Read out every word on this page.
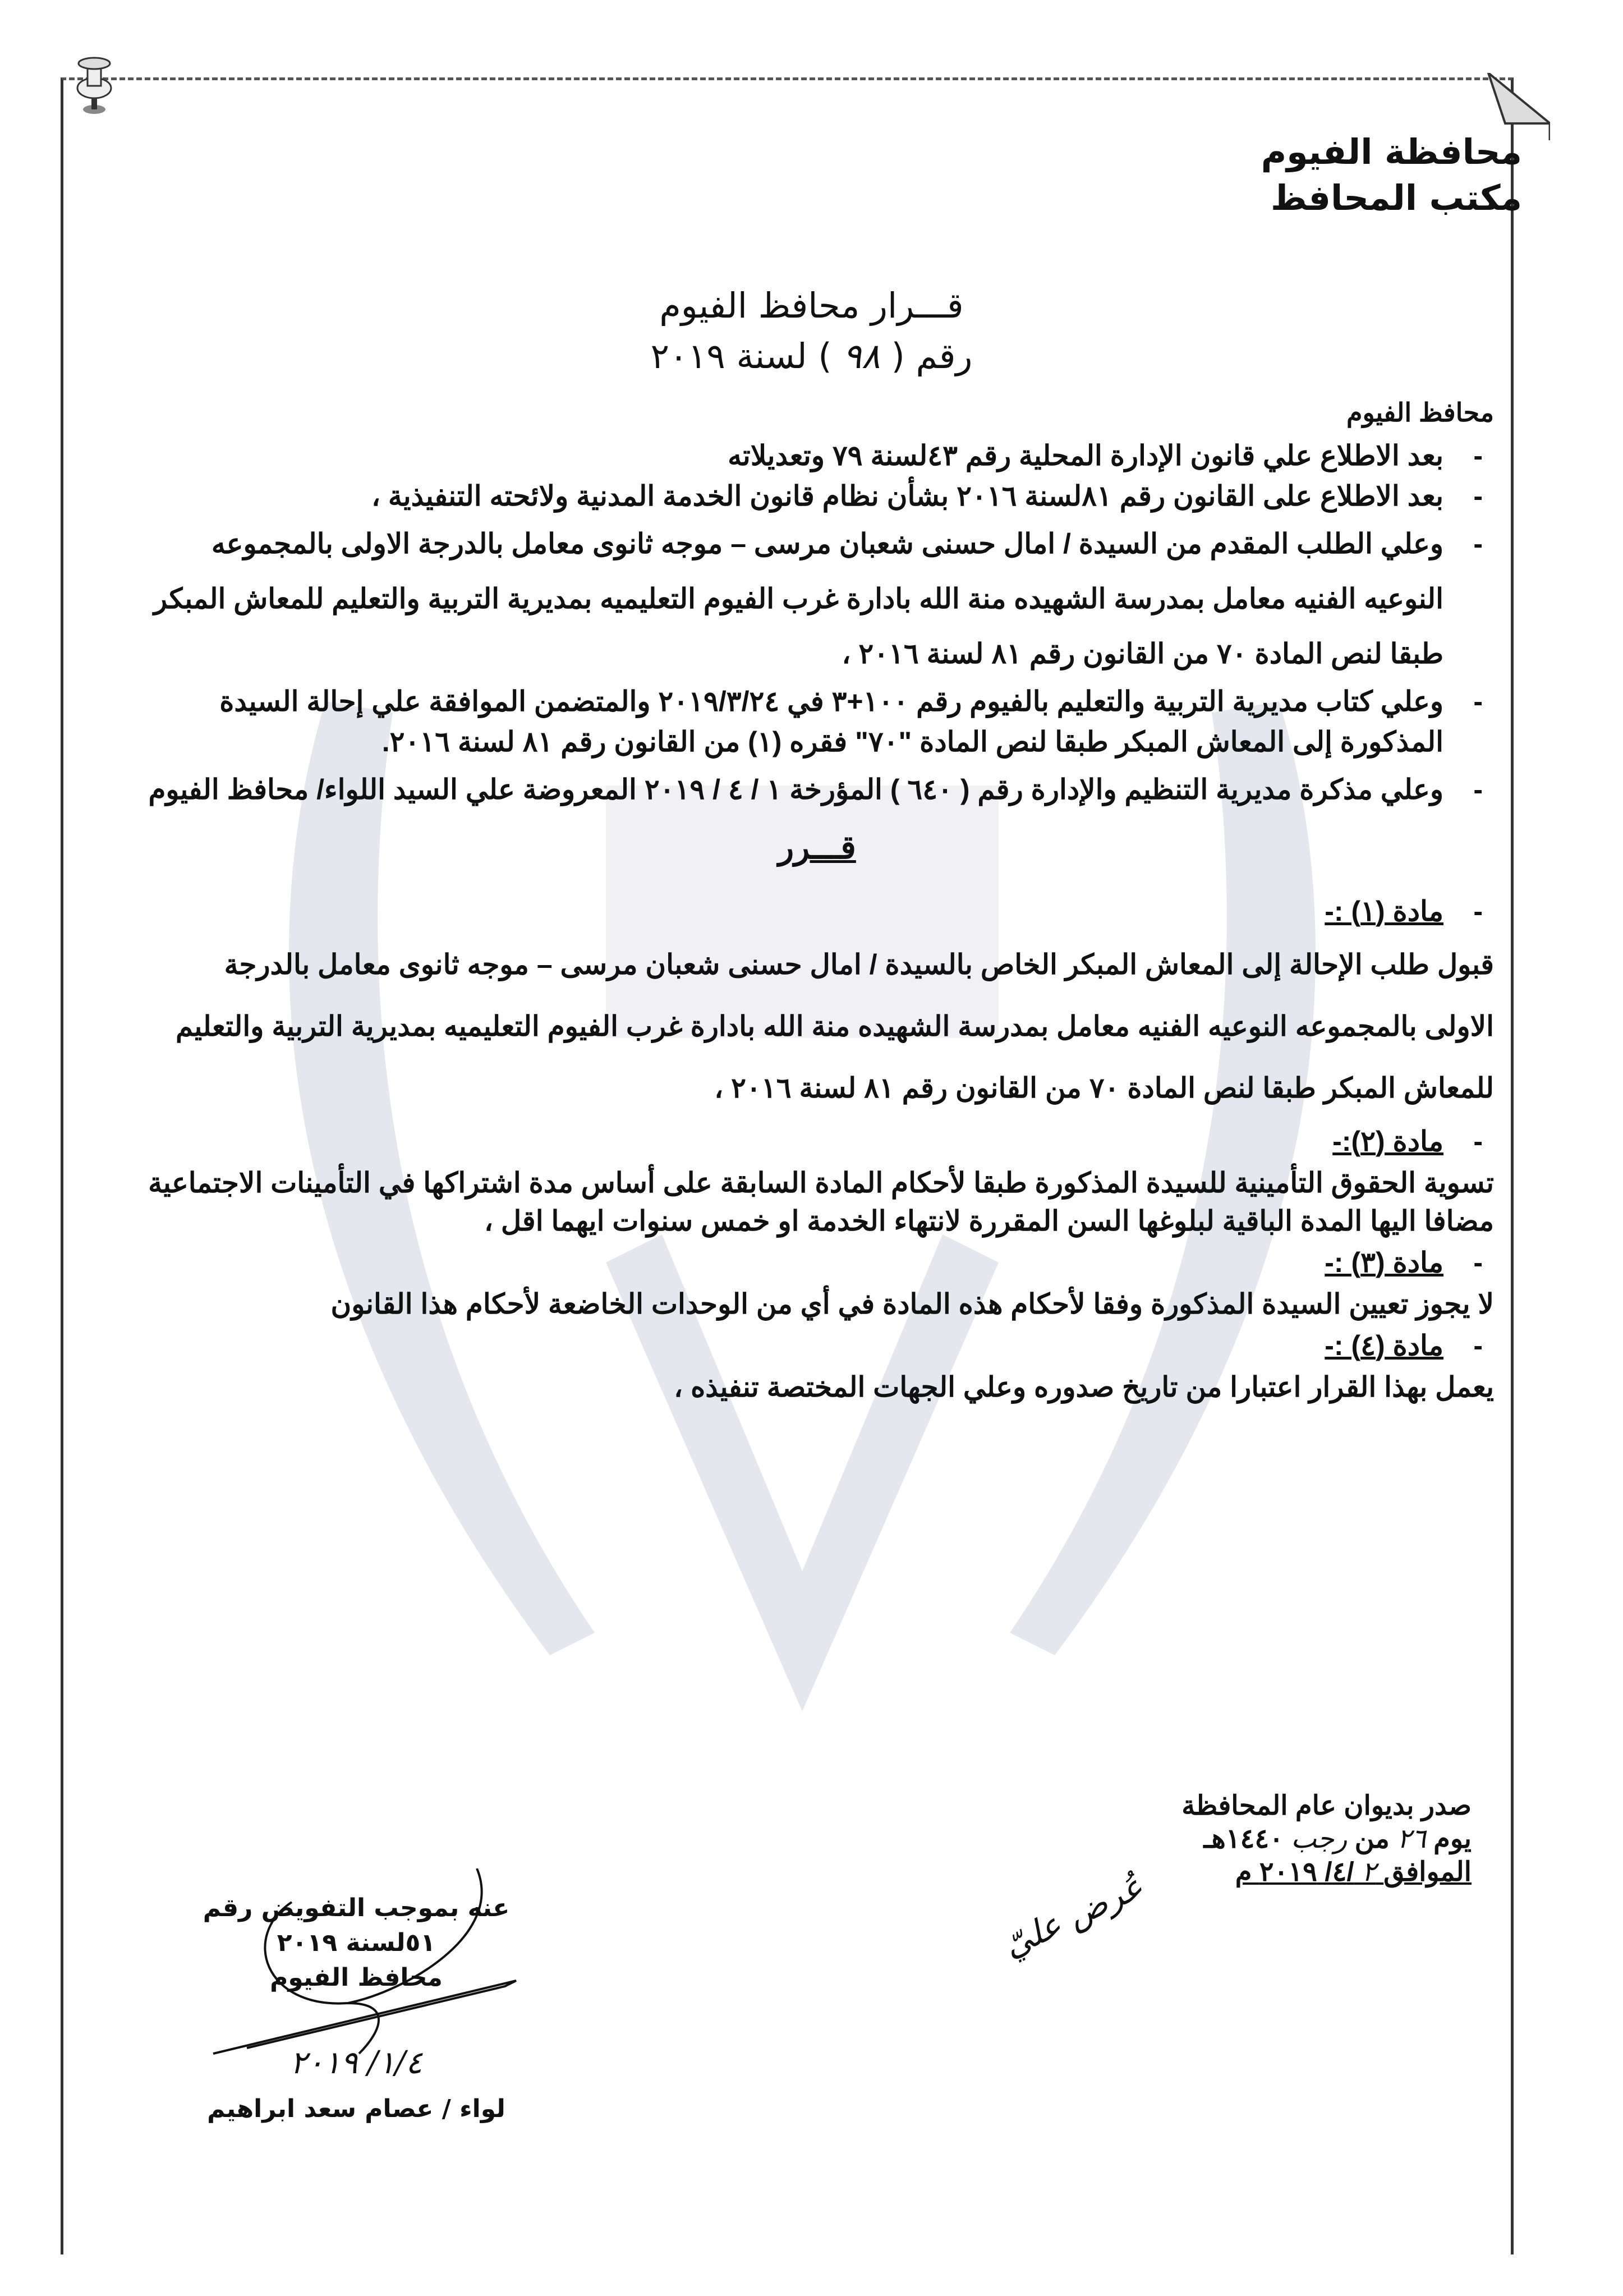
محافظة الفيوم
مكتب المحافظ
قـــرار محافظ الفيوم
رقم ( ٩٨ ) لسنة ٢٠١٩
محافظ الفيوم
- بعد الاطلاع علي قانون الإدارة المحلية رقم ٤٣لسنة ٧٩ وتعديلاته
- بعد الاطلاع على القانون رقم ٨١لسنة ٢٠١٦ بشأن نظام قانون الخدمة المدنية ولائحته التنفيذية ،
- وعلي الطلب المقدم من السيدة / امال حسنى شعبان مرسى – موجه ثانوى معامل بالدرجة الاولى بالمجموعه النوعيه الفنيه معامل بمدرسة الشهيده منة الله بادارة غرب الفيوم التعليميه بمديرية التربية والتعليم للمعاش المبكر طبقا لنص المادة ٧٠ من القانون رقم ٨١ لسنة ٢٠١٦ ،
- وعلي كتاب مديرية التربية والتعليم بالفيوم رقم ١٠٠+٣ في ٢٠١٩/٣/٢٤ والمتضمن الموافقة علي إحالة السيدة المذكورة إلى المعاش المبكر طبقا لنص المادة "٧٠" فقره (١) من القانون رقم ٨١ لسنة ٢٠١٦.
- وعلي مذكرة مديرية التنظيم والإدارة رقم ( ٦٤٠ ) المؤرخة ١ / ٤ / ٢٠١٩ المعروضة علي السيد اللواء/ محافظ الفيوم
قـــرر
- مادة (١) :-
قبول طلب الإحالة إلى المعاش المبكر الخاص بالسيدة / امال حسنى شعبان مرسى – موجه ثانوى معامل بالدرجة الاولى بالمجموعه النوعيه الفنيه معامل بمدرسة الشهيده منة الله بادارة غرب الفيوم التعليميه بمديرية التربية والتعليم للمعاش المبكر طبقا لنص المادة ٧٠ من القانون رقم ٨١ لسنة ٢٠١٦ ،
- مادة (٢):-
تسوية الحقوق التأمينية للسيدة المذكورة طبقا لأحكام المادة السابقة على أساس مدة اشتراكها في التأمينات الاجتماعية مضافا اليها المدة الباقية لبلوغها السن المقررة لانتهاء الخدمة او خمس سنوات ايهما اقل ،
- مادة (٣) :-
لا يجوز تعيين السيدة المذكورة وفقا لأحكام هذه المادة في أي من الوحدات الخاضعة لأحكام هذا القانون
- مادة (٤) :-
يعمل بهذا القرار اعتبارا من تاريخ صدوره وعلي الجهات المختصة تنفيذه ،
صدر بديوان عام المحافظة
يوم ٢٦ من رجب ١٤٤٠هـ
الموافق ٢ /٤/ ٢٠١٩ م
عنه بموجب التفويض رقم ٥١لسنة ٢٠١٩
محافظ الفيوم
١/٤/ ٢٠١٩
لواء / عصام سعد ابراهيم
عُرض عليّ
